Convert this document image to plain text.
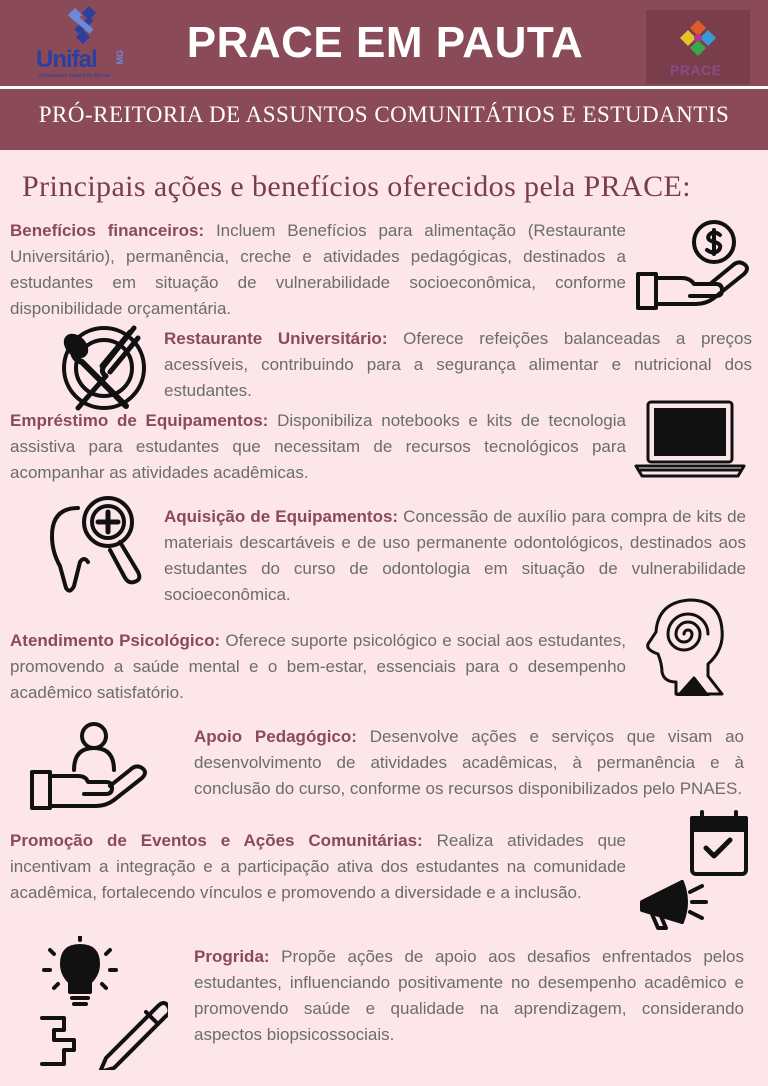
Unifal MG
Universidade Federal de Alfenas
PRACE EM PAUTA
PRACE
PRÓ-REITORIA DE ASSUNTOS COMUNITÁTIOS E ESTUDANTIS
Principais ações e benefícios oferecidos pela PRACE:
Benefícios financeiros: Incluem Benefícios para alimentação (Restaurante Universitário), permanência, creche e atividades pedagógicas, destinados a estudantes em situação de vulnerabilidade socioeconômica, conforme disponibilidade orçamentária.
Restaurante Universitário: Oferece refeições balanceadas a preços acessíveis, contribuindo para a segurança alimentar e nutricional dos estudantes.
Empréstimo de Equipamentos: Disponibiliza notebooks e kits de tecnologia assistiva para estudantes que necessitam de recursos tecnológicos para acompanhar as atividades acadêmicas.
Aquisição de Equipamentos: Concessão de auxílio para compra de kits de materiais descartáveis e de uso permanente odontológicos, destinados aos estudantes do curso de odontologia em situação de vulnerabilidade socioeconômica.
Atendimento Psicológico: Oferece suporte psicológico e social aos estudantes, promovendo a saúde mental e o bem-estar, essenciais para o desempenho acadêmico satisfatório.
Apoio Pedagógico: Desenvolve ações e serviços que visam ao desenvolvimento de atividades acadêmicas, à permanência e à conclusão do curso, conforme os recursos disponibilizados pelo PNAES.
Promoção de Eventos e Ações Comunitárias: Realiza atividades que incentivam a integração e a participação ativa dos estudantes na comunidade acadêmica, fortalecendo vínculos e promovendo a diversidade e a inclusão.
Progrida: Propõe ações de apoio aos desafios enfrentados pelos estudantes, influenciando positivamente no desempenho acadêmico e promovendo saúde e qualidade na aprendizagem, considerando aspectos biopsicossociais.
